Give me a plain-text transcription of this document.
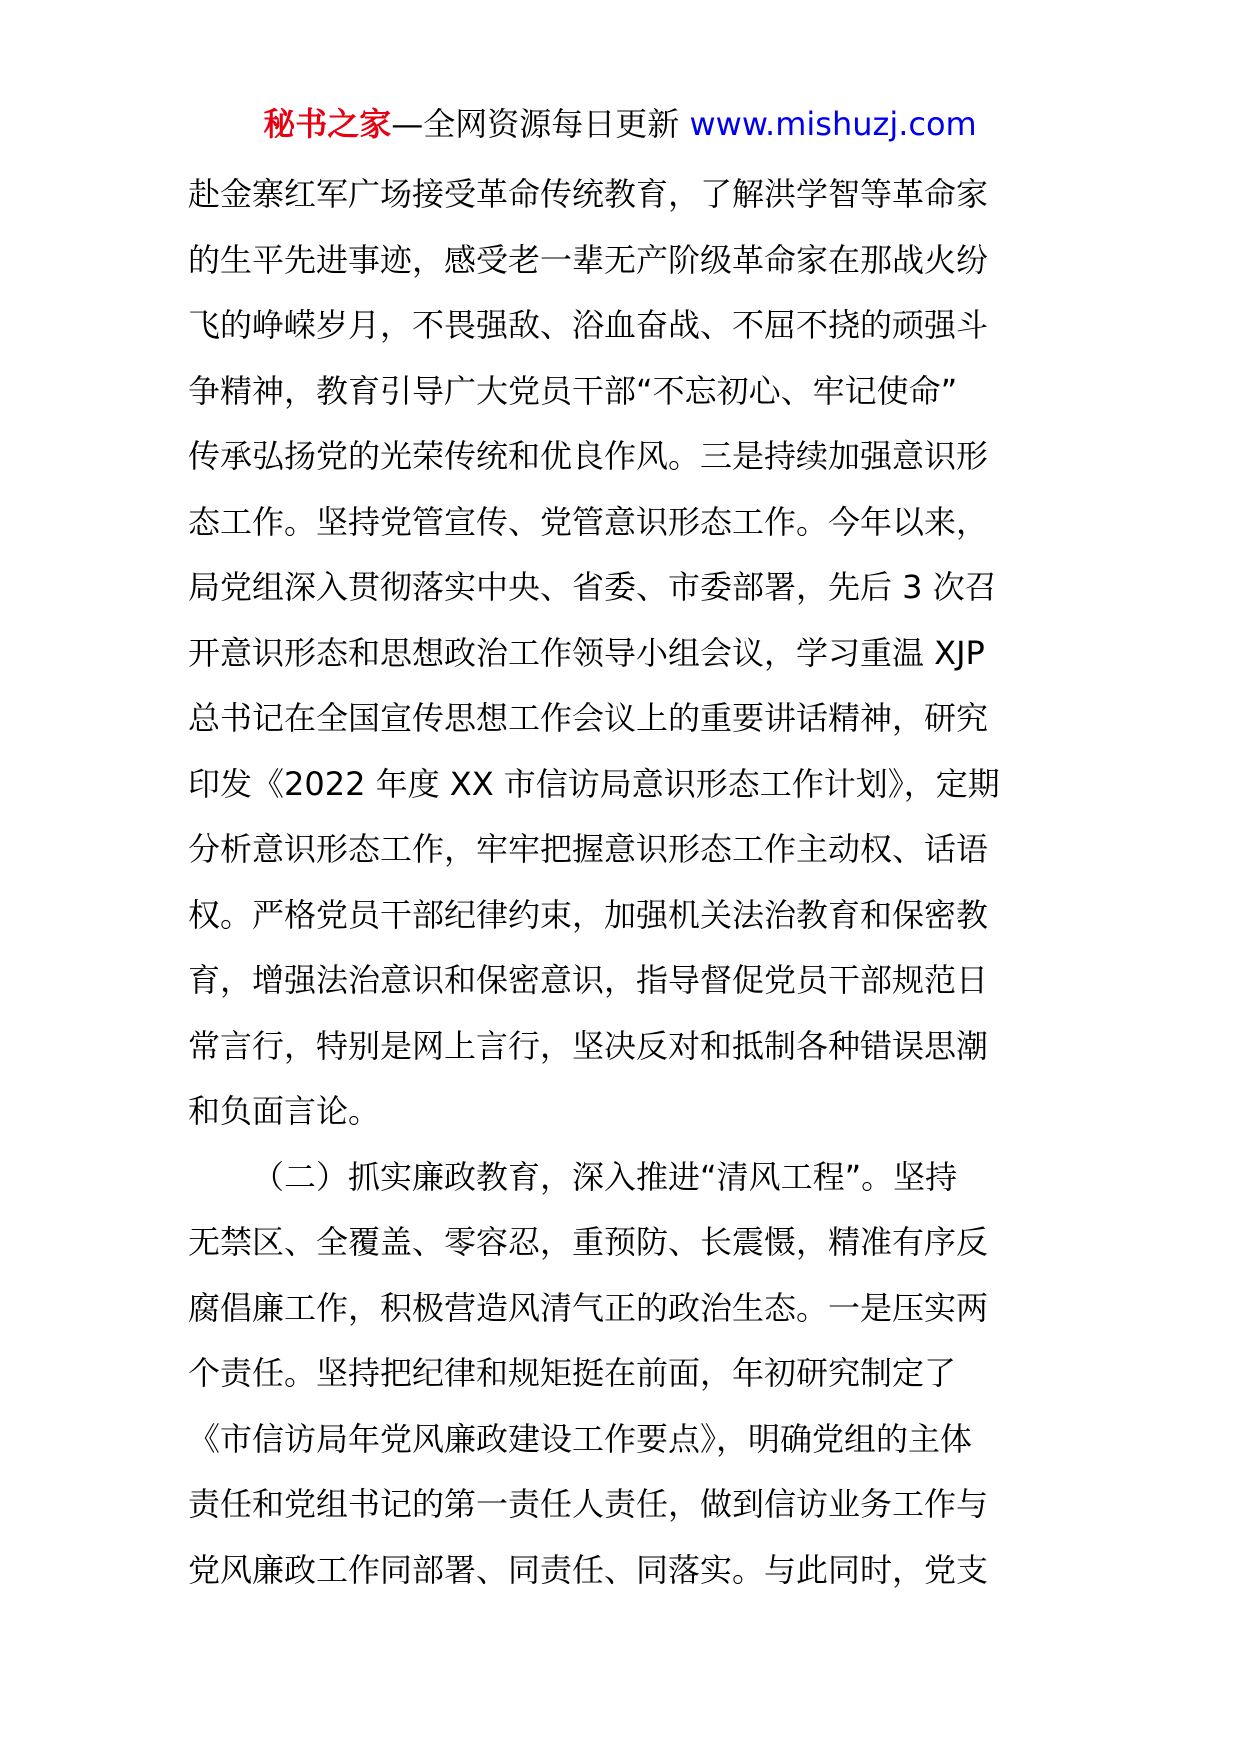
秘书之家—全网资源每日更新 www.mishuzj.com
赴金寨红军广场接受革命传统教育，了解洪学智等革命家
的生平先进事迹，感受老一辈无产阶级革命家在那战火纷
飞的峥嵘岁月，不畏强敌、浴血奋战、不屈不挠的顽强斗
争精神，教育引导广大党员干部“不忘初心、牢记使命”
传承弘扬党的光荣传统和优良作风。三是持续加强意识形
态工作。坚持党管宣传、党管意识形态工作。今年以来，
局党组深入贯彻落实中央、省委、市委部署，先后 3 次召
开意识形态和思想政治工作领导小组会议，学习重温 XJP
总书记在全国宣传思想工作会议上的重要讲话精神，研究
印发《2022 年度 XX 市信访局意识形态工作计划》，定期
分析意识形态工作，牢牢把握意识形态工作主动权、话语
权。严格党员干部纪律约束，加强机关法治教育和保密教
育，增强法治意识和保密意识，指导督促党员干部规范日
常言行，特别是网上言行，坚决反对和抵制各种错误思潮
和负面言论。
（二）抓实廉政教育，深入推进“清风工程”。坚持
无禁区、全覆盖、零容忍，重预防、长震慑，精准有序反
腐倡廉工作，积极营造风清气正的政治生态。一是压实两
个责任。坚持把纪律和规矩挺在前面，年初研究制定了
《市信访局年党风廉政建设工作要点》，明确党组的主体
责任和党组书记的第一责任人责任，做到信访业务工作与
党风廉政工作同部署、同责任、同落实。与此同时，党支
